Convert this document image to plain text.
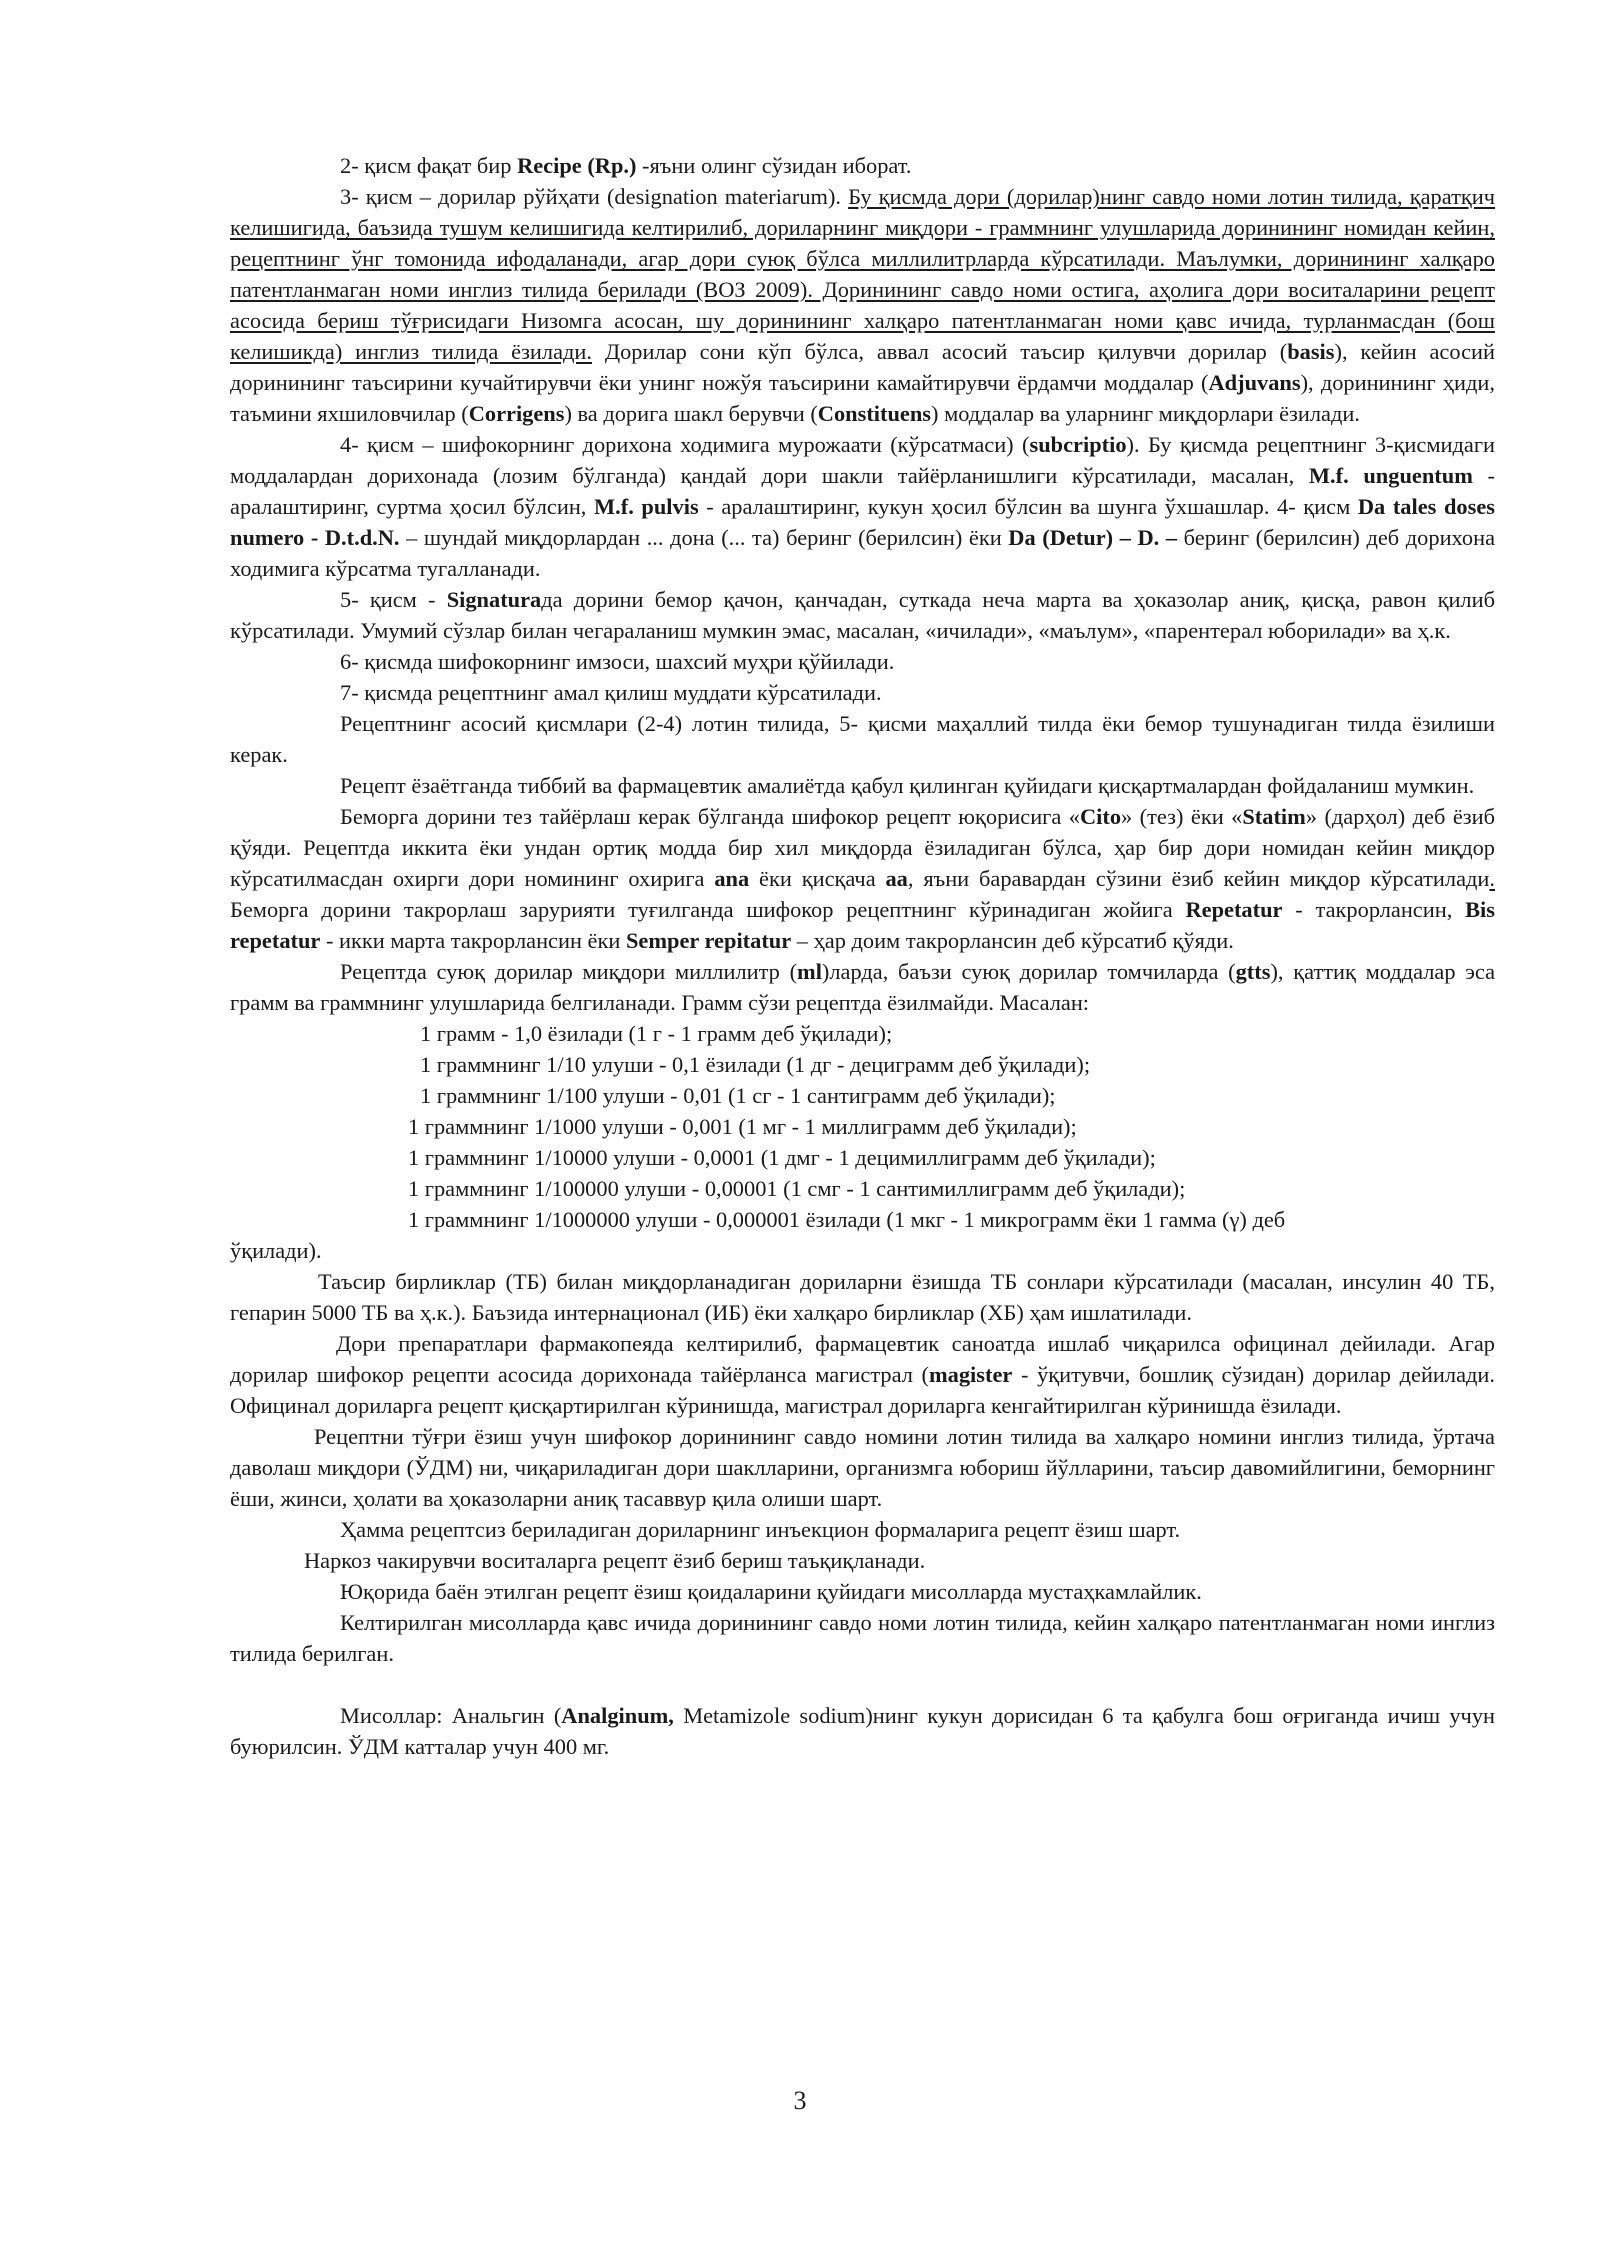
2- қисм фақат бир Recipe (Rp.) -яъни олинг сўзидан иборат.

3- қисм – дорилар рўйҳати (designation materiarum). Бу қисмда дори (дорилар)нинг савдо номи лотин тилида, қаратқич келишигида, баъзида тушум келишигида келтирилиб, дориларнинг миқдори - граммнинг улушларида доринининг номидан кейин, рецептнинг ўнг томонида ифодаланади, агар дори суюқ бўлса миллилитрларда кўрсатилади. Маълумки, доринининг халқаро патентланмаган номи инглиз тилида берилади (ВОЗ 2009). Доринининг савдо номи остига, аҳолига дори воситаларини рецепт асосида бериш тўғрисидаги Низомга асосан, шу доринининг халқаро патентланмаган номи қавс ичида, турланмасдан (бош келишикда) инглиз тилида ёзилади. Дорилар сони кўп бўлса, аввал асосий таъсир қилувчи дорилар (basis), кейин асосий доринининг таъсирини кучайтирувчи ёки унинг ножўя таъсирини камайтирувчи ёрдамчи моддалар (Adjuvans), доринининг ҳиди, таъмини яхшиловчилар (Corrigens) ва дорига шакл берувчи (Constituens) моддалар ва уларнинг миқдорлари ёзилади.

4- қисм – шифокорнинг дорихона ходимига мурожаати (кўрсатмаси) (subcriptio). Бу қисмда рецептнинг 3-қисмидаги моддалардан дорихонада (лозим бўлганда) қандай дори шакли тайёрланишлиги кўрсатилади, масалан, M.f. unguentum - аралаштиринг, суртма ҳосил бўлсин, M.f. pulvis - аралаштиринг, кукун ҳосил бўлсин ва шунга ўхшашлар. 4- қисм Da tales doses numero - D.t.d.N. – шундай миқдорлардан ... дона (... та) беринг (берилсин) ёки Da (Detur) – D. – беринг (берилсин) деб дорихона ходимига кўрсатма тугалланади.

5- қисм - Signaturaда дорини бемор қачон, қанчадан, суткада неча марта ва ҳоказолар аниқ, қисқа, равон қилиб кўрсатилади. Умумий сўзлар билан чегараланиш мумкин эмас, масалан, «ичилади», «маълум», «парентерал юборилади» ва ҳ.к.

6- қисмда шифокорнинг имзоси, шахсий муҳри қўйилади.

7- қисмда рецептнинг амал қилиш муддати кўрсатилади.

Рецептнинг асосий қисмлари (2-4) лотин тилида, 5- қисми маҳаллий тилда ёки бемор тушунадиган тилда ёзилиши керак.

Рецепт ёзаётганда тиббий ва фармацевтик амалиётда қабул қилинган қуйидаги қисқартмалардан фойдаланиш мумкин.

Беморга дорини тез тайёрлаш керак бўлганда шифокор рецепт юқорисига «Cito» (тез) ёки «Statim» (дарҳол) деб ёзиб қўяди. Рецептда иккита ёки ундан ортиқ модда бир хил миқдорда ёзиладиган бўлса, ҳар бир дори номидан кейин миқдор кўрсатилмасдан охирги дори номининг охирига ana ёки қисқача аа, яъни баравардан сўзини ёзиб кейин миқдор кўрсатилади. Беморга дорини такрорлаш зарурияти туғилганда шифокор рецептнинг кўринадиган жойига Repetatur - такрорлансин, Bis repetatur - икки марта такрорлансин ёки Semper repitatur – ҳар доим такрорлансин деб кўрсатиб қўяди.

Рецептда суюқ дорилар миқдори миллилитр (ml)ларда, баъзи суюқ дорилар томчиларда (gtts), қаттиқ моддалар эса грамм ва граммнинг улушларида белгиланади. Грамм сўзи рецептда ёзилмайди. Масалан:

1 грамм - 1,0 ёзилади (1 г - 1 грамм деб ўқилади);
1 граммнинг 1/10 улуши - 0,1 ёзилади (1 дг - дециграмм деб ўқилади);
1 граммнинг 1/100 улуши - 0,01 (1 сг - 1 сантиграмм деб ўқилади);
1 граммнинг 1/1000 улуши - 0,001 (1 мг - 1 миллиграмм деб ўқилади);
1 граммнинг 1/10000 улуши - 0,0001 (1 дмг - 1 децимиллиграмм деб ўқилади);
1 граммнинг 1/100000 улуши - 0,00001 (1 смг - 1 сантимиллиграмм деб ўқилади);
1 граммнинг 1/1000000 улуши - 0,000001 ёзилади (1 мкг - 1 микрограмм ёки 1 гамма (γ) деб
ўқилади).

Таъсир бирликлар (ТБ) билан миқдорланадиган дориларни ёзишда ТБ сонлари кўрсатилади (масалан, инсулин 40 ТБ, гепарин 5000 ТБ ва ҳ.к.). Баъзида интернационал (ИБ) ёки халқаро бирликлар (ХБ) ҳам ишлатилади.

Дори препаратлари фармакопеяда келтирилиб, фармацевтик саноатда ишлаб чиқарилса официнал дейилади. Агар дорилар шифокор рецепти асосида дорихонада тайёрланса магистрал (magister - ўқитувчи, бошлиқ сўзидан) дорилар дейилади. Официнал дориларга рецепт қисқартирилган кўринишда, магистрал дориларга кенгайтирилган кўринишда ёзилади.

Рецептни тўғри ёзиш учун шифокор доринининг савдо номини лотин тилида ва халқаро номини инглиз тилида, ўртача даволаш миқдори (ЎДМ) ни, чиқариладиган дори шаклларини, организмга юбориш йўлларини, таъсир давомийлигини, беморнинг ёши, жинси, ҳолати ва ҳоказоларни аниқ тасаввур қила олиши шарт.

Ҳамма рецептсиз бериладиган дориларнинг инъекцион формаларига рецепт ёзиш шарт.

Наркоз чакирувчи воситаларга рецепт ёзиб бериш таъқиқланади.

Юқорида баён этилган рецепт ёзиш қоидаларини қуйидаги мисолларда мустаҳкамлайлик.

Келтирилган мисолларда қавс ичида доринининг савдо номи лотин тилида, кейин халқаро патентланмаган номи инглиз тилида берилган.

Мисоллар: Анальгин (Analginum, Metamizole sodium)нинг кукун дорисидан 6 та қабулга бош оғриганда ичиш учун буюрилсин. ЎДМ катталар учун 400 мг.

3
